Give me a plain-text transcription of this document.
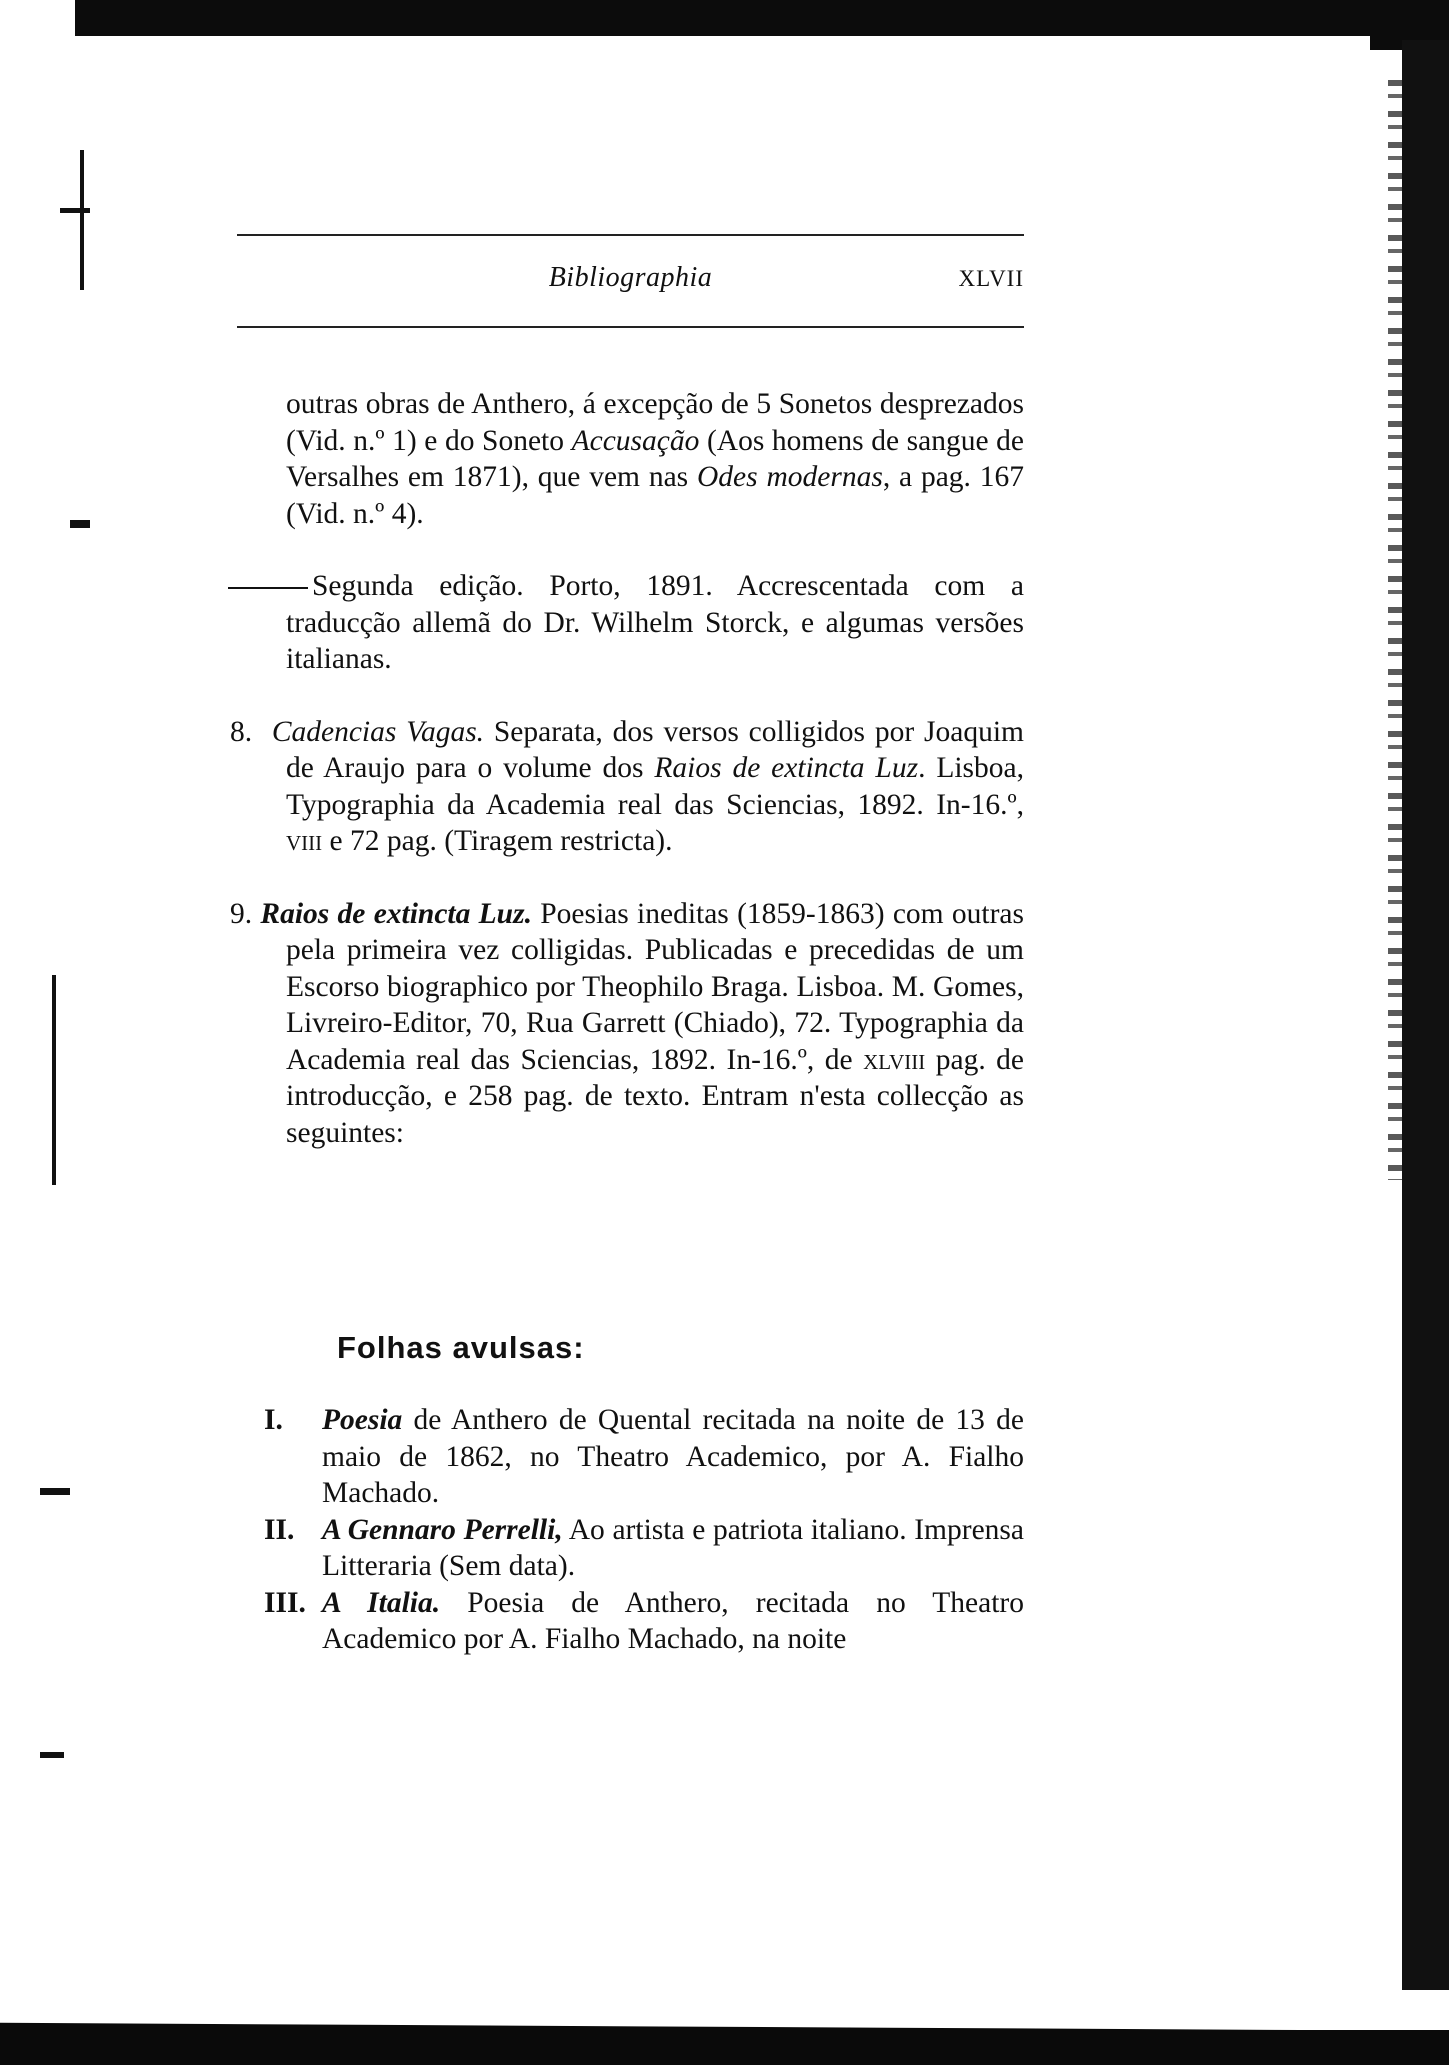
Bibliographia	XLVII

outras obras de Anthero, á excepção de 5 Sonetos desprezados (Vid. n.º 1) e do Soneto Accusação (Aos homens de sangue de Versalhes em 1871), que vem nas Odes modernas, a pag. 167 (Vid. n.º 4).

Segunda edição. Porto, 1891. Accrescentada com a traducção allemã do Dr. Wilhelm Storck, e algumas versões italianas.

8. Cadencias Vagas. Separata, dos versos colligidos por Joaquim de Araujo para o volume dos Raios de extincta Luz. Lisboa, Typographia da Academia real das Sciencias, 1892. In-16.º, viii e 72 pag. (Tiragem restricta).

9. Raios de extincta Luz. Poesias ineditas (1859-1863) com outras pela primeira vez colligidas. Publicadas e precedidas de um Escorso biographico por Theophilo Braga. Lisboa. M. Gomes, Livreiro-Editor, 70, Rua Garrett (Chiado), 72. Typographia da Academia real das Sciencias, 1892. In-16.º, de xlviii pag. de introducção, e 258 pag. de texto. Entram n'esta collecção as seguintes:

Folhas avulsas:

I. Poesia de Anthero de Quental recitada na noite de 13 de maio de 1862, no Theatro Academico, por A. Fialho Machado.

II. A Gennaro Perrelli, Ao artista e patriota italiano. Imprensa Litteraria (Sem data).

III. A Italia. Poesia de Anthero, recitada no Theatro Academico por A. Fialho Machado, na noite
